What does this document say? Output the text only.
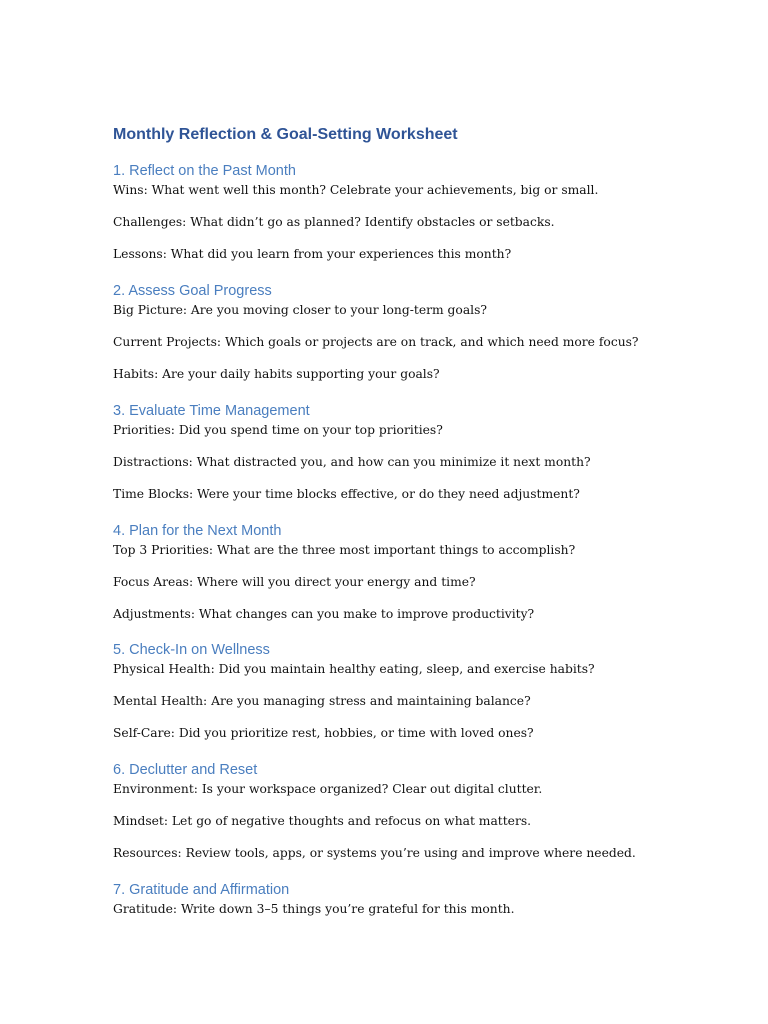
Monthly Reflection & Goal-Setting Worksheet
1. Reflect on the Past Month

Wins: What went well this month? Celebrate your achievements, big or small.

Challenges: What didn’t go as planned? Identify obstacles or setbacks.

Lessons: What did you learn from your experiences this month?

2. Assess Goal Progress

Big Picture: Are you moving closer to your long-term goals?

Current Projects: Which goals or projects are on track, and which need more focus?

Habits: Are your daily habits supporting your goals?

3. Evaluate Time Management

Priorities: Did you spend time on your top priorities?

Distractions: What distracted you, and how can you minimize it next month?

Time Blocks: Were your time blocks effective, or do they need adjustment?

4. Plan for the Next Month

Top 3 Priorities: What are the three most important things to accomplish?

Focus Areas: Where will you direct your energy and time?

Adjustments: What changes can you make to improve productivity?

5. Check-In on Wellness

Physical Health: Did you maintain healthy eating, sleep, and exercise habits?

Mental Health: Are you managing stress and maintaining balance?

Self-Care: Did you prioritize rest, hobbies, or time with loved ones?

6. Declutter and Reset

Environment: Is your workspace organized? Clear out digital clutter.

Mindset: Let go of negative thoughts and refocus on what matters.

Resources: Review tools, apps, or systems you’re using and improve where needed.

7. Gratitude and Affirmation

Gratitude: Write down 3–5 things you’re grateful for this month.
